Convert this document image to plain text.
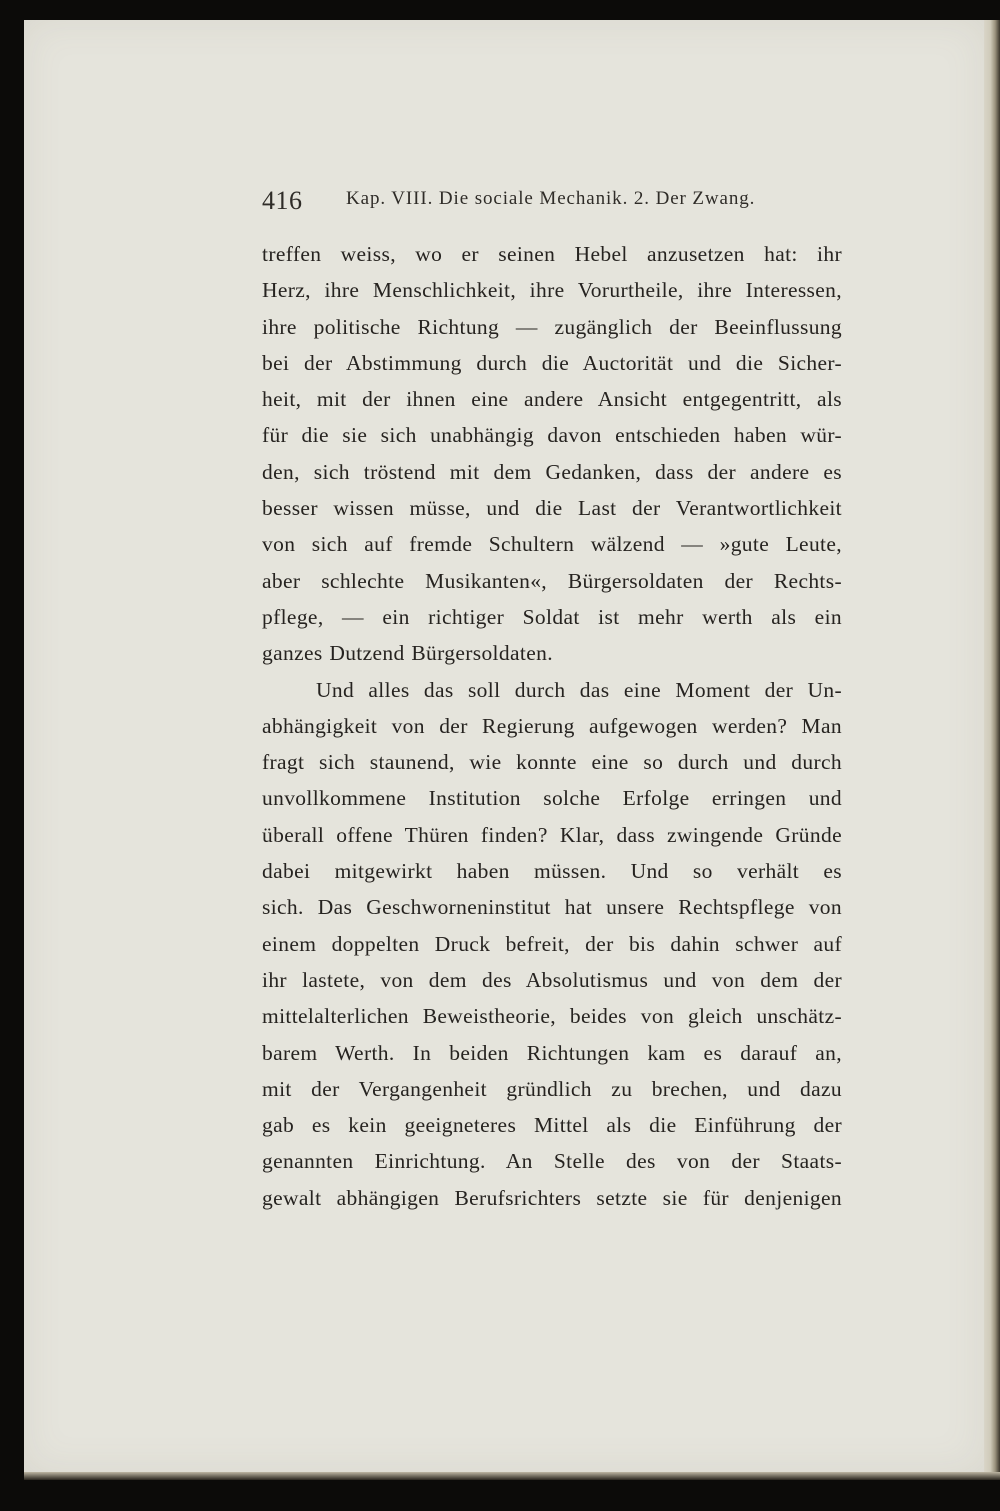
416 Kap. VIII. Die sociale Mechanik. 2. Der Zwang.
treffen weiss, wo er seinen Hebel anzusetzen hat: ihr
Herz, ihre Menschlichkeit, ihre Vorurtheile, ihre Interessen,
ihre politische Richtung — zugänglich der Beeinflussung
bei der Abstimmung durch die Auctorität und die Sicher-
heit, mit der ihnen eine andere Ansicht entgegentritt, als
für die sie sich unabhängig davon entschieden haben wür-
den, sich tröstend mit dem Gedanken, dass der andere es
besser wissen müsse, und die Last der Verantwortlichkeit
von sich auf fremde Schultern wälzend — »gute Leute,
aber schlechte Musikanten«, Bürgersoldaten der Rechts-
pflege, — ein richtiger Soldat ist mehr werth als ein
ganzes Dutzend Bürgersoldaten.
Und alles das soll durch das eine Moment der Un-
abhängigkeit von der Regierung aufgewogen werden? Man
fragt sich staunend, wie konnte eine so durch und durch
unvollkommene Institution solche Erfolge erringen und
überall offene Thüren finden? Klar, dass zwingende Gründe
dabei mitgewirkt haben müssen. Und so verhält es
sich. Das Geschworneninstitut hat unsere Rechtspflege von
einem doppelten Druck befreit, der bis dahin schwer auf
ihr lastete, von dem des Absolutismus und von dem der
mittelalterlichen Beweistheorie, beides von gleich unschätz-
barem Werth. In beiden Richtungen kam es darauf an,
mit der Vergangenheit gründlich zu brechen, und dazu
gab es kein geeigneteres Mittel als die Einführung der
genannten Einrichtung. An Stelle des von der Staats-
gewalt abhängigen Berufsrichters setzte sie für denjenigen
